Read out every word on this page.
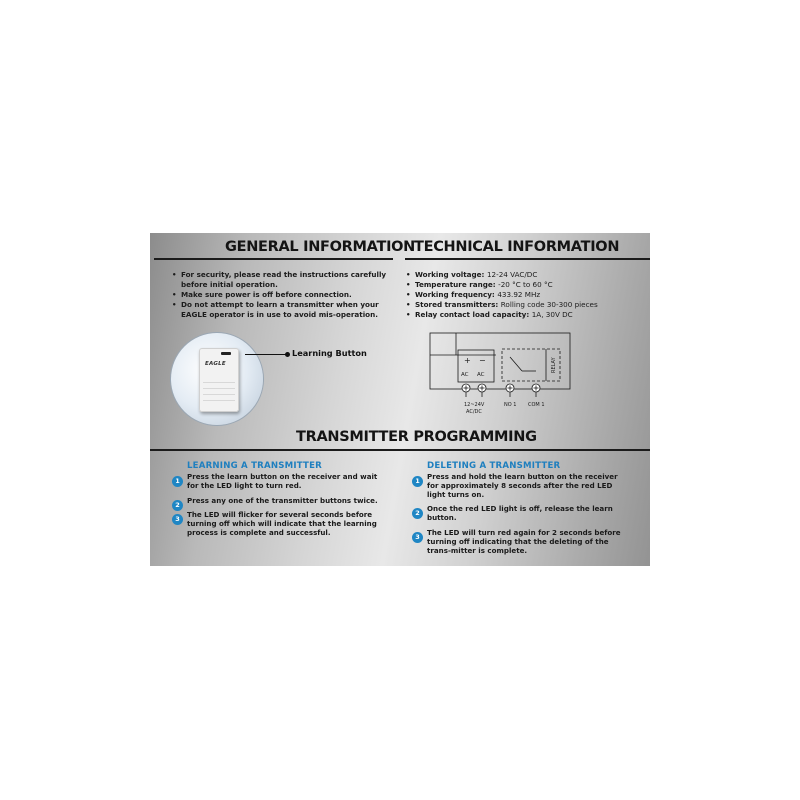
GENERAL INFORMATION
• For security, please read the instructions carefully before initial operation.
• Make sure power is off before connection.
• Do not attempt to learn a transmitter when your EAGLE operator is in use to avoid mis-operation.
EAGLE
Learning Button
TECHNICAL INFORMATION
• Working voltage: 12-24 VAC/DC
• Temperature range: -20 °C to 60 °C
• Working frequency: 433.92 MHz
• Stored transmitters: Rolling code 30-300 pieces
• Relay contact load capacity: 1A, 30V DC
+ −
AC AC
RELAY
12~24V
AC/DC
NO 1 COM 1
TRANSMITTER PROGRAMMING
LEARNING A TRANSMITTER
1	Press the learn button on the receiver and wait for the LED light to turn red.
2	Press any one of the transmitter buttons twice.
3	The LED will flicker for several seconds before turning off which will indicate that the learning process is complete and successful.
DELETING A TRANSMITTER
1	Press and hold the learn button on the receiver for approximately 8 seconds after the red LED light turns on.
2	Once the red LED light is off, release the learn button.
3	The LED will turn red again for 2 seconds before turning off indicating that the deleting of the trans-mitter is complete.
